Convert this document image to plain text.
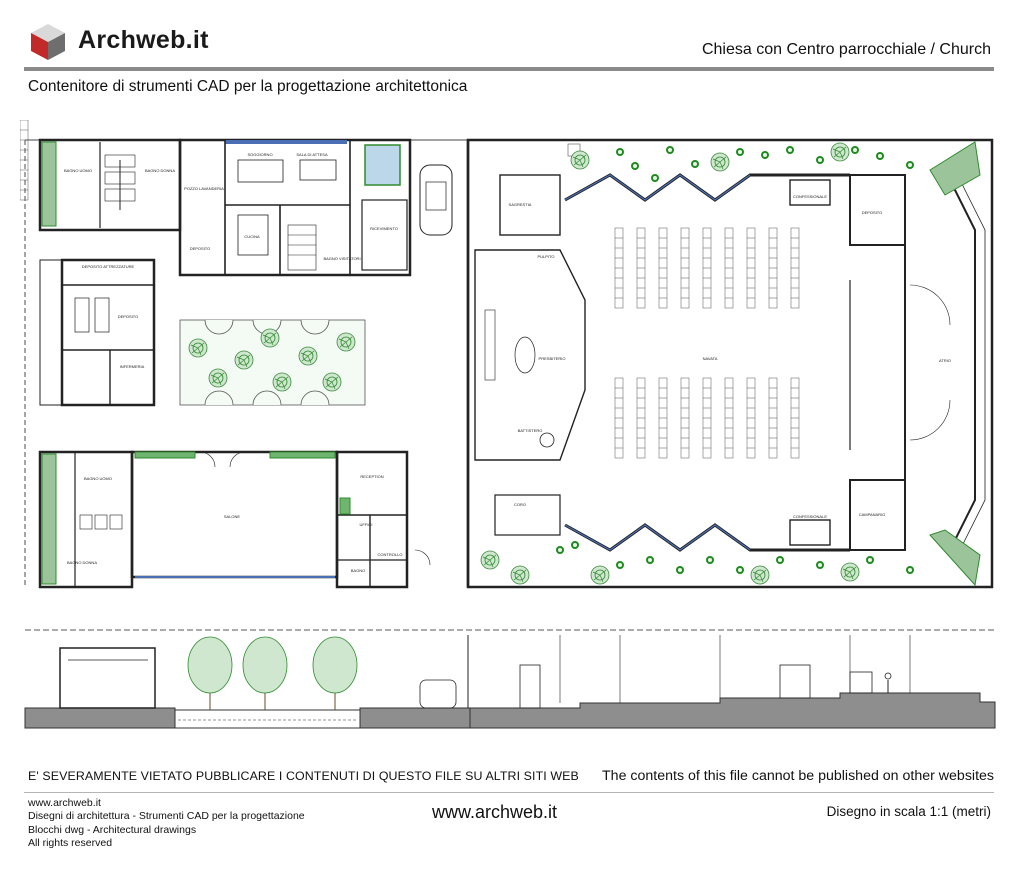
Archweb.it	Chiesa con Centro parrocchiale / Church
Contenitore di strumenti CAD per la progettazione architettonica
BAGNO UOMO	BAGNO DONNA
DEPOSITO ATTREZZATURE
DEPOSITO
INFERMERIA
POZZO LAVANDERIA
DEPOSITO
SALA DI ATTESA
SOGGIORNO
CUCINA
BAGNO VISITATORI
RICEVIMENTO
SAGRESTIA
PULPITO
PRESBITERIO
BATTISTERO
CORO
NAVATA
CONFESSIONALE
CONFESSIONALE
DEPOSITO
ATRIO
CAMPANARIO
SALONE
BAGNO UOMO
BAGNO DONNA
RECEPTION
UFFICI
CONTROLLO
BAGNO
E' SEVERAMENTE VIETATO PUBBLICARE I CONTENUTI DI QUESTO FILE SU ALTRI SITI WEB The contents of this file cannot be published on other websites
www.archweb.it
Disegni di architettura - Strumenti CAD per la progettazione
Blocchi dwg - Architectural drawings
All rights reserved
www.archweb.it	Disegno in scala 1:1 (metri)
